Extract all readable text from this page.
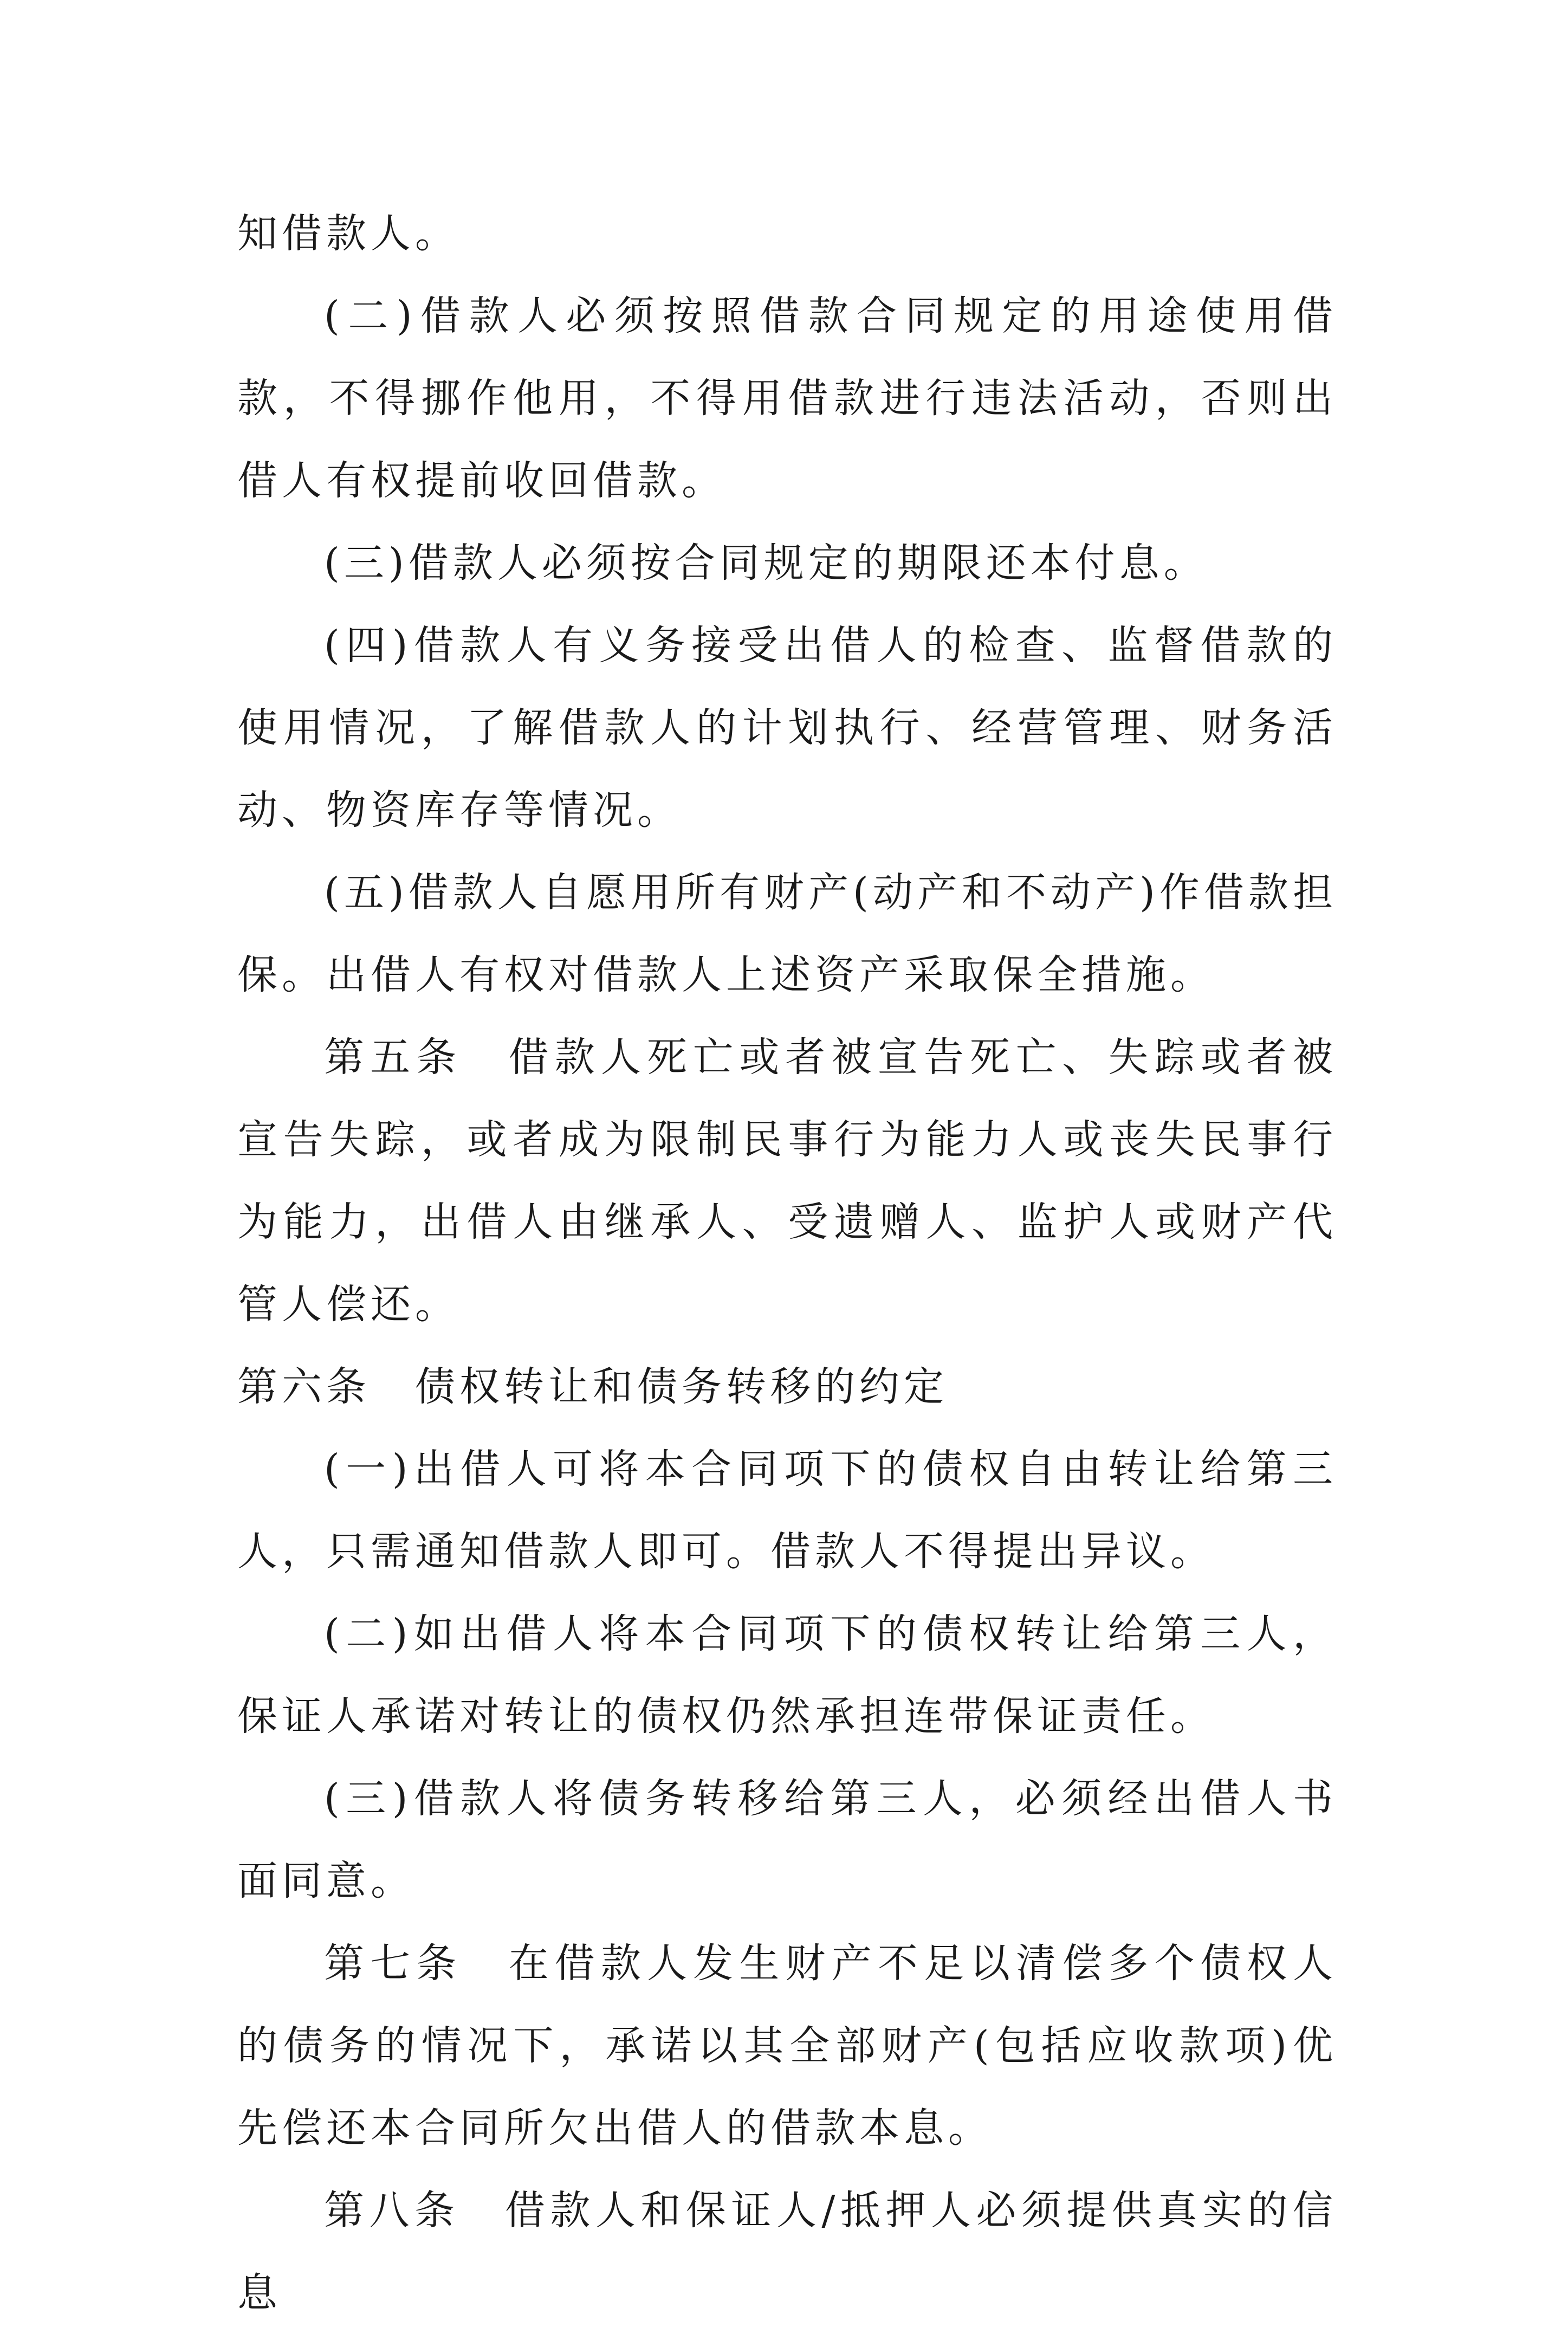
知借款人。

(二)借款人必须按照借款合同规定的用途使用借款，不得挪作他用，不得用借款进行违法活动，否则出借人有权提前收回借款。

(三)借款人必须按合同规定的期限还本付息。

(四)借款人有义务接受出借人的检查、监督借款的使用情况，了解借款人的计划执行、经营管理、财务活动、物资库存等情况。

(五)借款人自愿用所有财产(动产和不动产)作借款担保。出借人有权对借款人上述资产采取保全措施。

第五条　借款人死亡或者被宣告死亡、失踪或者被宣告失踪，或者成为限制民事行为能力人或丧失民事行为能力，出借人由继承人、受遗赠人、监护人或财产代管人偿还。

第六条　债权转让和债务转移的约定

(一)出借人可将本合同项下的债权自由转让给第三人，只需通知借款人即可。借款人不得提出异议。

(二)如出借人将本合同项下的债权转让给第三人，保证人承诺对转让的债权仍然承担连带保证责任。

(三)借款人将债务转移给第三人，必须经出借人书面同意。

第七条　在借款人发生财产不足以清偿多个债权人的债务的情况下，承诺以其全部财产(包括应收款项)优先偿还本合同所欠出借人的借款本息。

第八条　借款人和保证人/抵押人必须提供真实的信息
